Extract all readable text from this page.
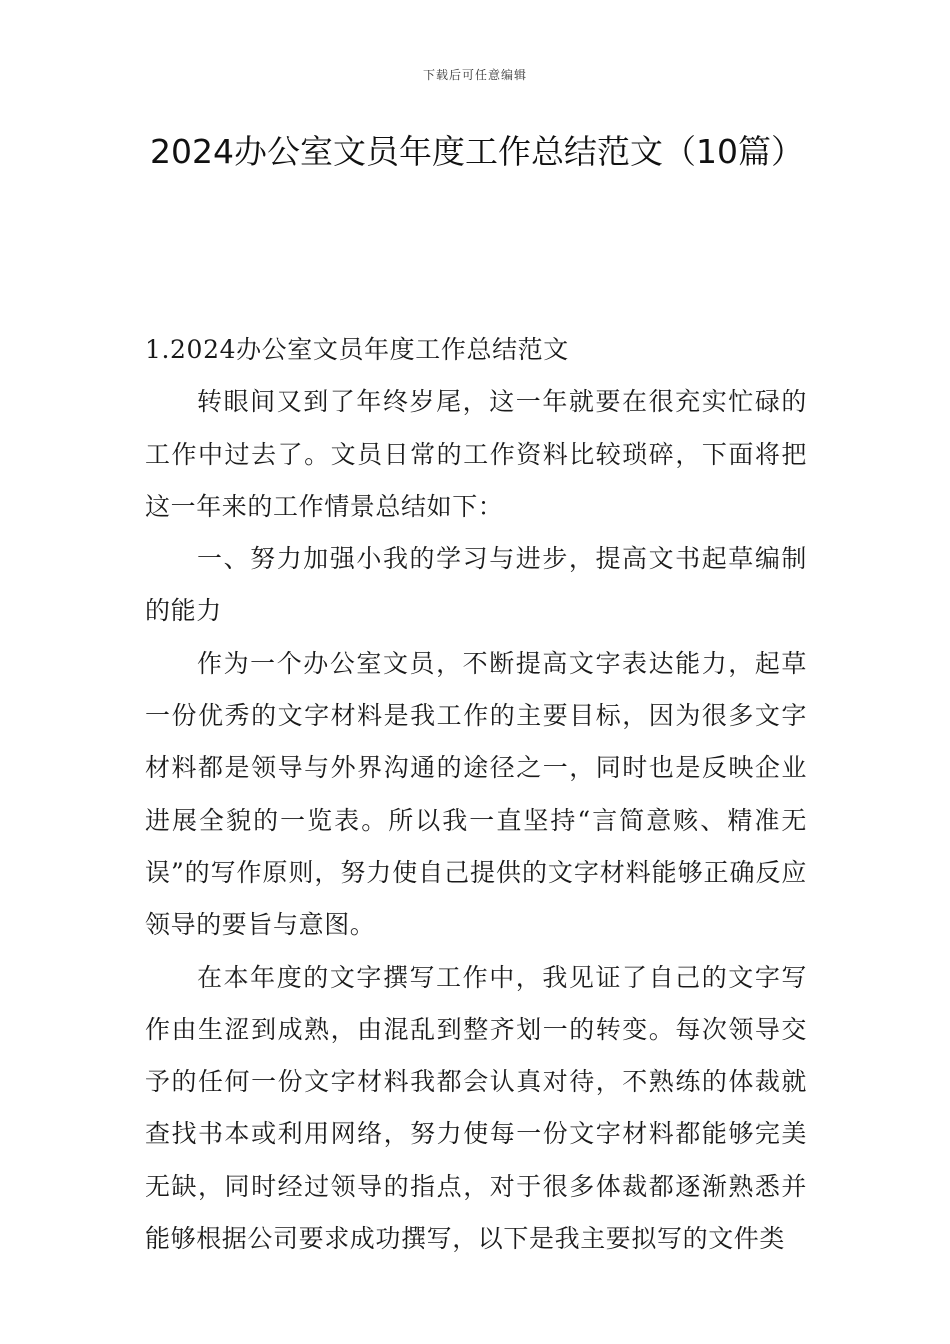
下载后可任意编辑
2024办公室文员年度工作总结范文（10篇）

1.2024办公室文员年度工作总结范文

转眼间又到了年终岁尾，这一年就要在很充实忙碌的工作中过去了。文员日常的工作资料比较琐碎，下面将把这一年来的工作情景总结如下：

一、努力加强小我的学习与进步，提高文书起草编制的能力

作为一个办公室文员，不断提高文字表达能力，起草一份优秀的文字材料是我工作的主要目标，因为很多文字材料都是领导与外界沟通的途径之一，同时也是反映企业进展全貌的一览表。所以我一直坚持“言简意赅、精准无误”的写作原则，努力使自己提供的文字材料能够正确反应领导的要旨与意图。

在本年度的文字撰写工作中，我见证了自己的文字写作由生涩到成熟，由混乱到整齐划一的转变。每次领导交予的任何一份文字材料我都会认真对待，不熟练的体裁就查找书本或利用网络，努力使每一份文字材料都能够完美无缺，同时经过领导的指点，对于很多体裁都逐渐熟悉并能够根据公司要求成功撰写，以下是我主要拟写的文件类
